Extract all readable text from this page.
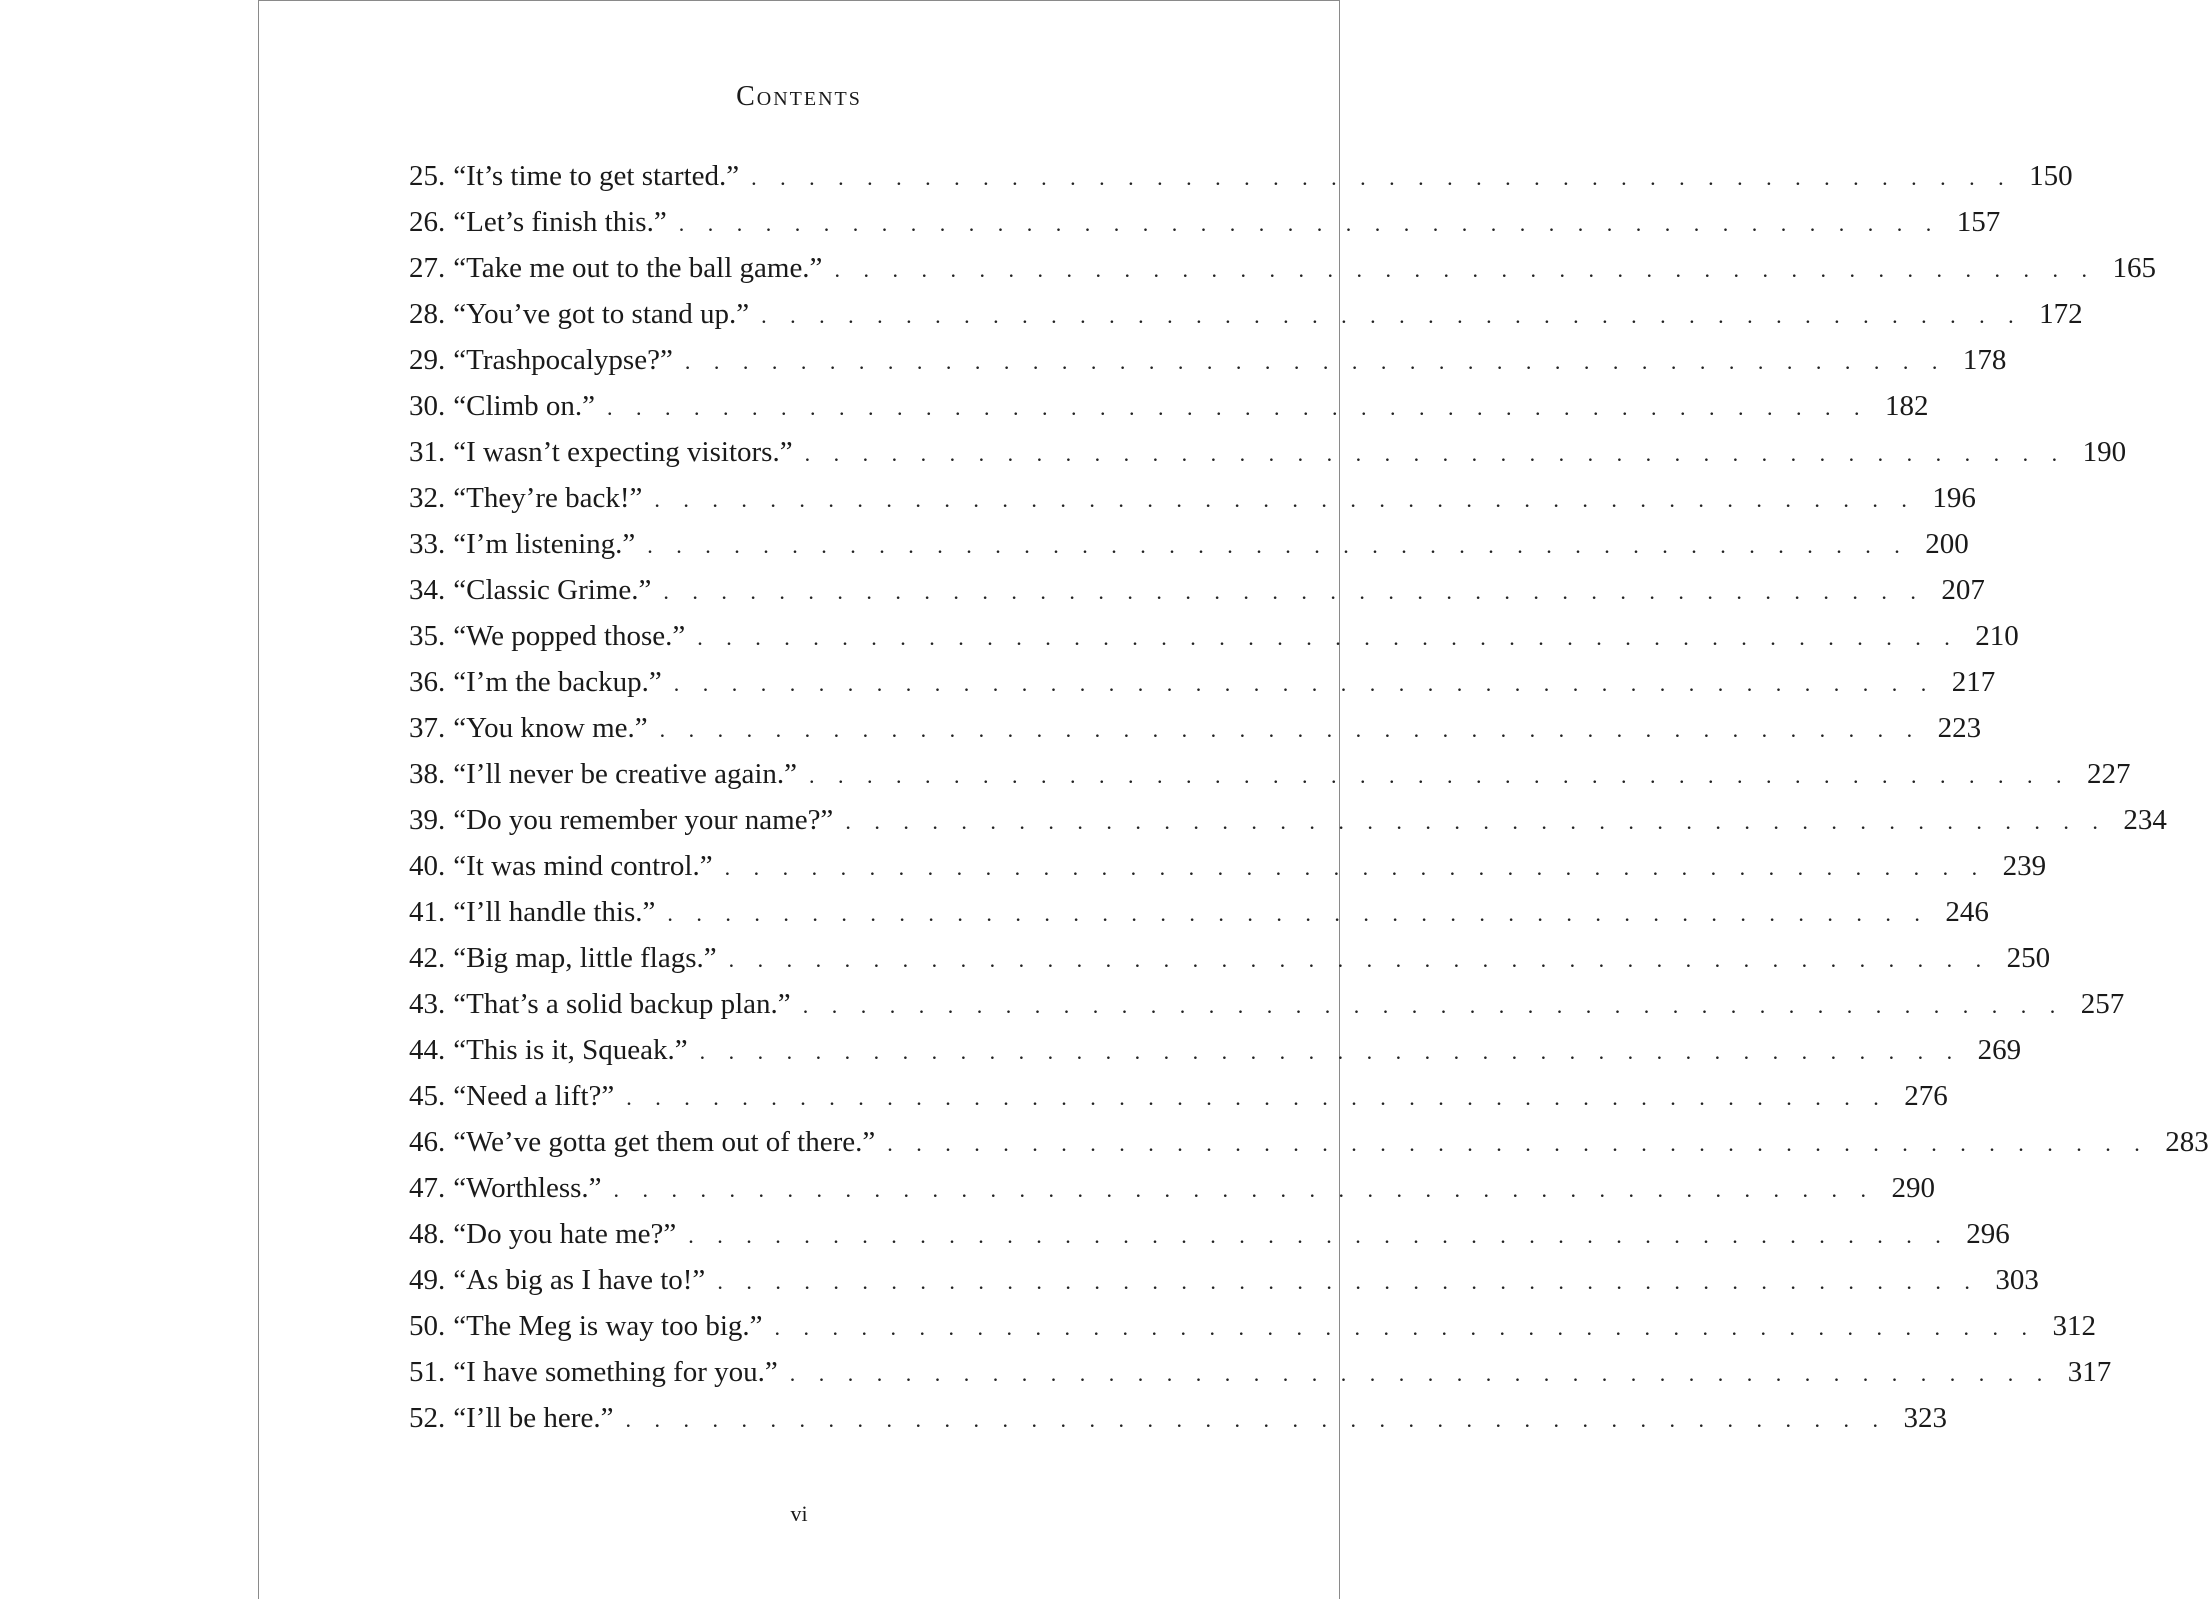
Contents
25. “It’s time to get started.” . . . . . . . . . . . . . . . . . . . . . . . . . . . . . . . . . . . . . . . . . . . . 150
26. “Let’s finish this.” . . . . . . . . . . . . . . . . . . . . . . . . . . . . . . . . . . . . . . . . . . . . 157
27. “Take me out to the ball game.” . . . . . . . . . . . . . . . . . . . . . . . . . . . . . . . . . . . . . . . . . . . . 165
28. “You’ve got to stand up.” . . . . . . . . . . . . . . . . . . . . . . . . . . . . . . . . . . . . . . . . . . . . 172
29. “Trashpocalypse?” . . . . . . . . . . . . . . . . . . . . . . . . . . . . . . . . . . . . . . . . . . . . 178
30. “Climb on.” . . . . . . . . . . . . . . . . . . . . . . . . . . . . . . . . . . . . . . . . . . . . 182
31. “I wasn’t expecting visitors.” . . . . . . . . . . . . . . . . . . . . . . . . . . . . . . . . . . . . . . . . . . . . 190
32. “They’re back!” . . . . . . . . . . . . . . . . . . . . . . . . . . . . . . . . . . . . . . . . . . . . 196
33. “I’m listening.” . . . . . . . . . . . . . . . . . . . . . . . . . . . . . . . . . . . . . . . . . . . . 200
34. “Classic Grime.” . . . . . . . . . . . . . . . . . . . . . . . . . . . . . . . . . . . . . . . . . . . . 207
35. “We popped those.” . . . . . . . . . . . . . . . . . . . . . . . . . . . . . . . . . . . . . . . . . . . . 210
36. “I’m the backup.” . . . . . . . . . . . . . . . . . . . . . . . . . . . . . . . . . . . . . . . . . . . . 217
37. “You know me.” . . . . . . . . . . . . . . . . . . . . . . . . . . . . . . . . . . . . . . . . . . . . 223
38. “I’ll never be creative again.” . . . . . . . . . . . . . . . . . . . . . . . . . . . . . . . . . . . . . . . . . . . . 227
39. “Do you remember your name?” . . . . . . . . . . . . . . . . . . . . . . . . . . . . . . . . . . . . . . . . . . . . 234
40. “It was mind control.” . . . . . . . . . . . . . . . . . . . . . . . . . . . . . . . . . . . . . . . . . . . . 239
41. “I’ll handle this.” . . . . . . . . . . . . . . . . . . . . . . . . . . . . . . . . . . . . . . . . . . . . 246
42. “Big map, little flags.” . . . . . . . . . . . . . . . . . . . . . . . . . . . . . . . . . . . . . . . . . . . . 250
43. “That’s a solid backup plan.” . . . . . . . . . . . . . . . . . . . . . . . . . . . . . . . . . . . . . . . . . . . . 257
44. “This is it, Squeak.” . . . . . . . . . . . . . . . . . . . . . . . . . . . . . . . . . . . . . . . . . . . . 269
45. “Need a lift?” . . . . . . . . . . . . . . . . . . . . . . . . . . . . . . . . . . . . . . . . . . . . 276
46. “We’ve gotta get them out of there.” . . . . . . . . . . . . . . . . . . . . . . . . . . . . . . . . . . . . . . . . . . . . 283
47. “Worthless.” . . . . . . . . . . . . . . . . . . . . . . . . . . . . . . . . . . . . . . . . . . . . 290
48. “Do you hate me?” . . . . . . . . . . . . . . . . . . . . . . . . . . . . . . . . . . . . . . . . . . . . 296
49. “As big as I have to!” . . . . . . . . . . . . . . . . . . . . . . . . . . . . . . . . . . . . . . . . . . . . 303
50. “The Meg is way too big.” . . . . . . . . . . . . . . . . . . . . . . . . . . . . . . . . . . . . . . . . . . . . 312
51. “I have something for you.” . . . . . . . . . . . . . . . . . . . . . . . . . . . . . . . . . . . . . . . . . . . . 317
52. “I’ll be here.” . . . . . . . . . . . . . . . . . . . . . . . . . . . . . . . . . . . . . . . . . . . . 323
vi
